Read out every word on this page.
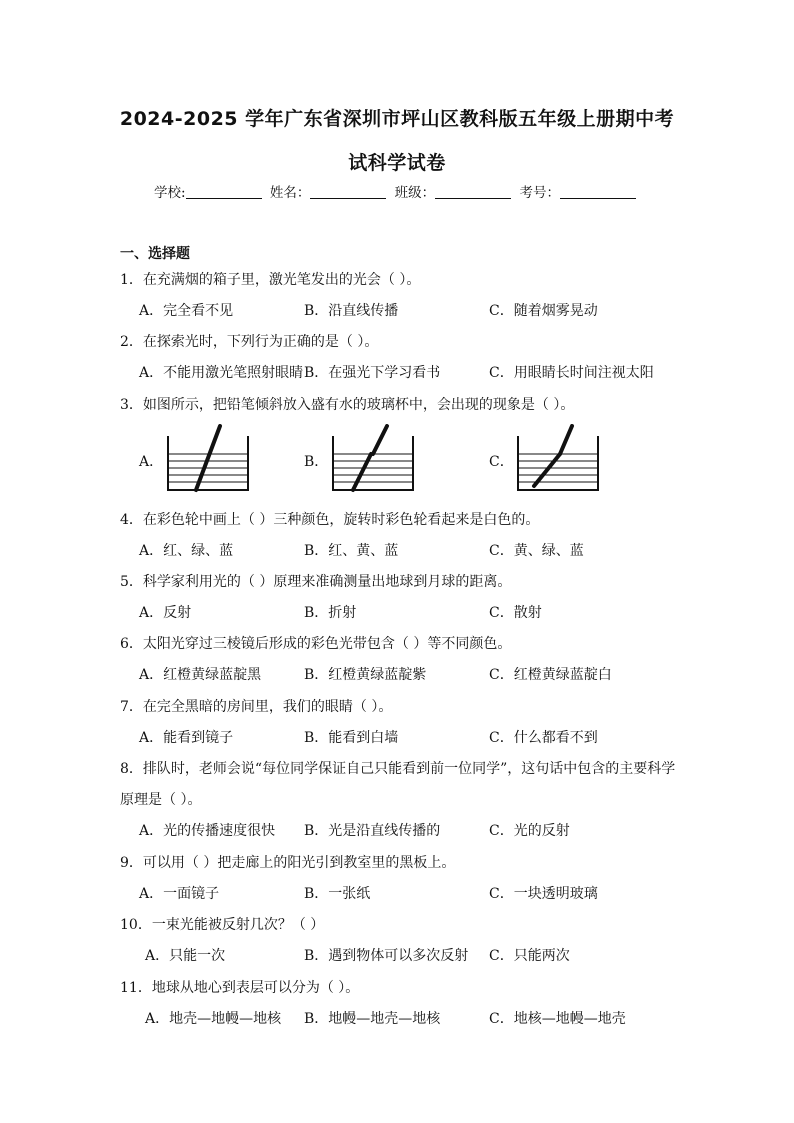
2024-2025 学年广东省深圳市坪山区教科版五年级上册期中考
试科学试卷
学校:	姓名：	班级：	考号：
一、选择题
1．在充满烟的箱子里，激光笔发出的光会（ ）。
A．完全看不见	B．沿直线传播	C．随着烟雾晃动
2．在探索光时，下列行为正确的是（ ）。
A．不能用激光笔照射眼睛 B．在强光下学习看书	C．用眼睛长时间注视太阳
3．如图所示，把铅笔倾斜放入盛有水的玻璃杯中，会出现的现象是（ ）。
A．	B．	C．
4．在彩色轮中画上（ ）三种颜色，旋转时彩色轮看起来是白色的。
A．红、绿、蓝	B．红、黄、蓝	C．黄、绿、蓝
5．科学家利用光的（ ）原理来准确测量出地球到月球的距离。
A．反射	B．折射	C．散射
6．太阳光穿过三棱镜后形成的彩色光带包含（ ）等不同颜色。
A．红橙黄绿蓝靛黑	B．红橙黄绿蓝靛紫	C．红橙黄绿蓝靛白
7．在完全黑暗的房间里，我们的眼睛（ ）。
A．能看到镜子	B．能看到白墙	C．什么都看不到
8．排队时，老师会说“每位同学保证自己只能看到前一位同学”，这句话中包含的主要科学
原理是（ ）。
A．光的传播速度很快 B．光是沿直线传播的	C．光的反射
9．可以用（ ）把走廊上的阳光引到教室里的黑板上。
A．一面镜子	B．一张纸	C．一块透明玻璃
10．一束光能被反射几次？（ ）
A．只能一次	B．遇到物体可以多次反射 C．只能两次
11．地球从地心到表层可以分为（ ）。
A．地壳—地幔—地核 B．地幔—地壳—地核	C．地核—地幔—地壳
